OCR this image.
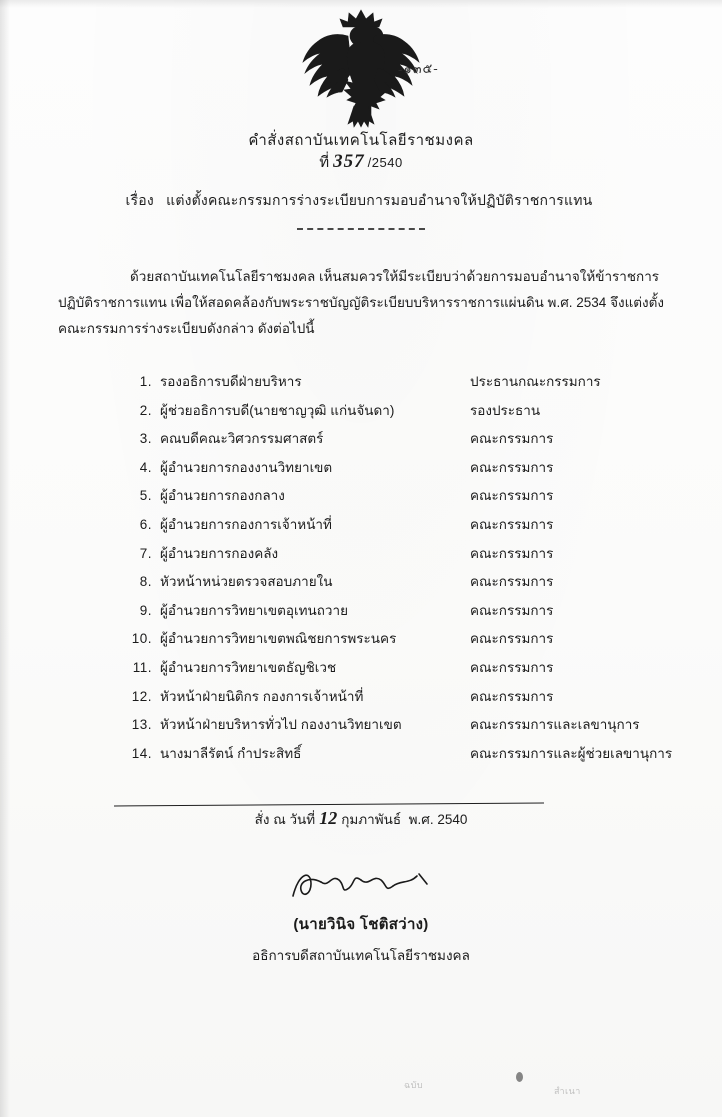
-๑๓๕-
คำสั่งสถาบันเทคโนโลยีราชมงคล
ที่ 357 /2540
เรื่อง แต่งตั้งคณะกรรมการร่างระเบียบการมอบอำนาจให้ปฏิบัติราชการแทน

ด้วยสถาบันเทคโนโลยีราชมงคล เห็นสมควรให้มีระเบียบว่าด้วยการมอบอำนาจให้ข้าราชการ

ปฏิบัติราชการแทน เพื่อให้สอดคล้องกับพระราชบัญญัติระเบียบบริหารราชการแผ่นดิน พ.ศ. 2534 จึงแต่งตั้ง

คณะกรรมการร่างระเบียบดังกล่าว ดังต่อไปนี้

1. รองอธิการบดีฝ่ายบริหาร	ประธานกณะกรรมการ
2. ผู้ช่วยอธิการบดี(นายชาญวุฒิ แก่นจันดา)	รองประธาน
3. คณบดีคณะวิศวกรรมศาสตร์	คณะกรรมการ
4. ผู้อำนวยการกองงานวิทยาเขต	คณะกรรมการ
5. ผู้อำนวยการกองกลาง	คณะกรรมการ
6. ผู้อำนวยการกองการเจ้าหน้าที่	คณะกรรมการ
7. ผู้อำนวยการกองคลัง	คณะกรรมการ
8. หัวหน้าหน่วยตรวจสอบภายใน	คณะกรรมการ
9. ผู้อำนวยการวิทยาเขตอุเทนถวาย	คณะกรรมการ
10. ผู้อำนวยการวิทยาเขตพณิชยการพระนคร	คณะกรรมการ
11. ผู้อำนวยการวิทยาเขตธัญชิเวช	คณะกรรมการ
12. หัวหน้าฝ่ายนิติกร กองการเจ้าหน้าที่	คณะกรรมการ
13. หัวหน้าฝ่ายบริหารทั่วไป กองงานวิทยาเขต	คณะกรรมการและเลขานุการ
14. นางมาลีรัตน์ กำประสิทธิ์	คณะกรรมการและผู้ช่วยเลขานุการ
สั่ง ณ วันที่ 12 กุมภาพันธ์ พ.ศ. 2540
(นายวินิจ โชติสว่าง)
อธิการบดีสถาบันเทคโนโลยีราชมงคล
ฉบับ
สำเนา
